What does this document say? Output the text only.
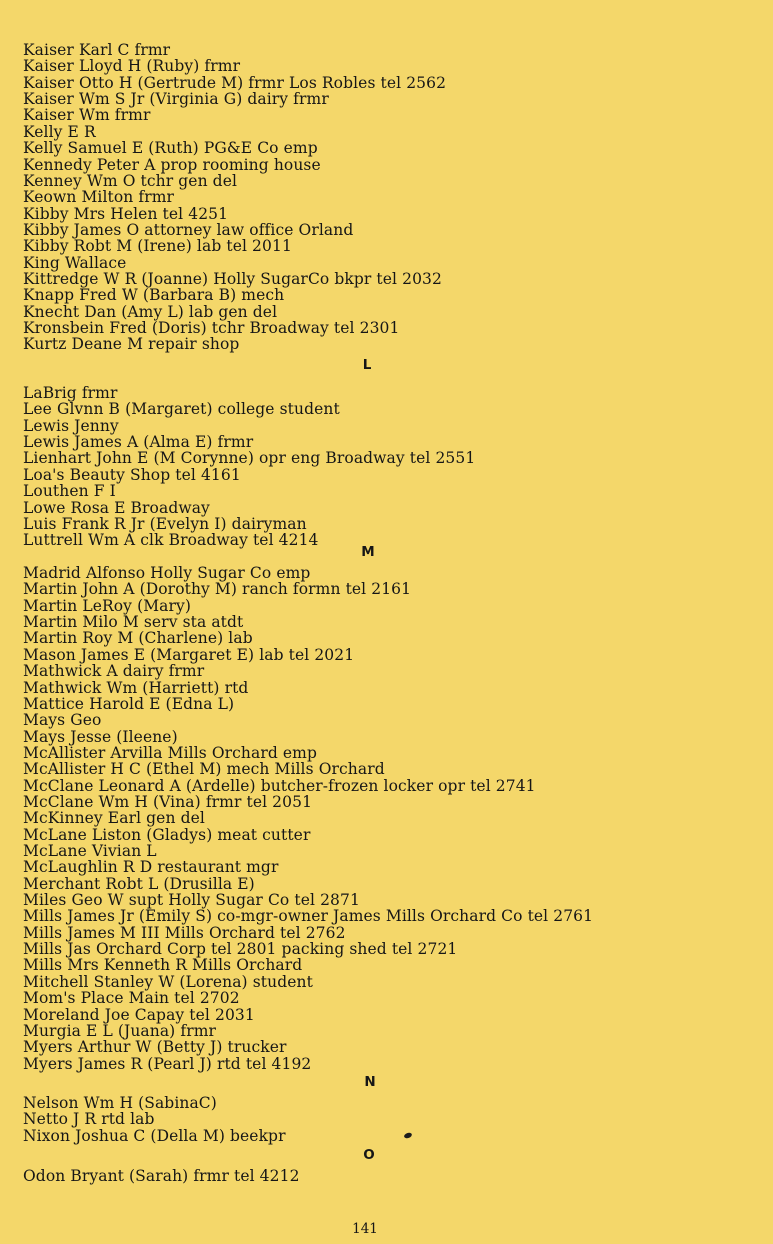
Kaiser Karl C frmr
Kaiser Lloyd H (Ruby) frmr
Kaiser Otto H (Gertrude M) frmr Los Robles tel 2562
Kaiser Wm S Jr (Virginia G) dairy frmr
Kaiser Wm frmr
Kelly E R
Kelly Samuel E (Ruth) PG&E Co emp
Kennedy Peter A prop rooming house
Kenney Wm O tchr gen del
Keown Milton frmr
Kibby Mrs Helen tel 4251
Kibby James O attorney law office Orland
Kibby Robt M (Irene) lab tel 2011
King Wallace
Kittredge W R (Joanne) Holly SugarCo bkpr tel 2032
Knapp Fred W (Barbara B) mech
Knecht Dan (Amy L) lab gen del
Kronsbein Fred (Doris) tchr Broadway tel 2301
Kurtz Deane M repair shop
L
LaBrig frmr
Lee Glvnn B (Margaret) college student
Lewis Jenny
Lewis James A (Alma E) frmr
Lienhart John E (M Corynne) opr eng Broadway tel 2551
Loa's Beauty Shop tel 4161
Louthen F I
Lowe Rosa E Broadway
Luis Frank R Jr (Evelyn I) dairyman
Luttrell Wm A clk Broadway tel 4214
M
Madrid Alfonso Holly Sugar Co emp
Martin John A (Dorothy M) ranch formn tel 2161
Martin LeRoy (Mary)
Martin Milo M serv sta atdt
Martin Roy M (Charlene) lab
Mason James E (Margaret E) lab tel 2021
Mathwick A dairy frmr
Mathwick Wm (Harriett) rtd
Mattice Harold E (Edna L)
Mays Geo
Mays Jesse (Ileene)
McAllister Arvilla Mills Orchard emp
McAllister H C (Ethel M) mech Mills Orchard
McClane Leonard A (Ardelle) butcher-frozen locker opr tel 2741
McClane Wm H (Vina) frmr tel 2051
McKinney Earl gen del
McLane Liston (Gladys) meat cutter
McLane Vivian L
McLaughlin R D restaurant mgr
Merchant Robt L (Drusilla E)
Miles Geo W supt Holly Sugar Co tel 2871
Mills James Jr (Emily S) co-mgr-owner James Mills Orchard Co tel 2761
Mills James M III Mills Orchard tel 2762
Mills Jas Orchard Corp tel 2801 packing shed tel 2721
Mills Mrs Kenneth R Mills Orchard
Mitchell Stanley W (Lorena) student
Mom's Place Main tel 2702
Moreland Joe Capay tel 2031
Murgia E L (Juana) frmr
Myers Arthur W (Betty J) trucker
Myers James R (Pearl J) rtd tel 4192
N
Nelson Wm H (SabinaC)
Netto J R rtd lab
Nixon Joshua C (Della M) beekpr
O
Odon Bryant (Sarah) frmr tel 4212
141
